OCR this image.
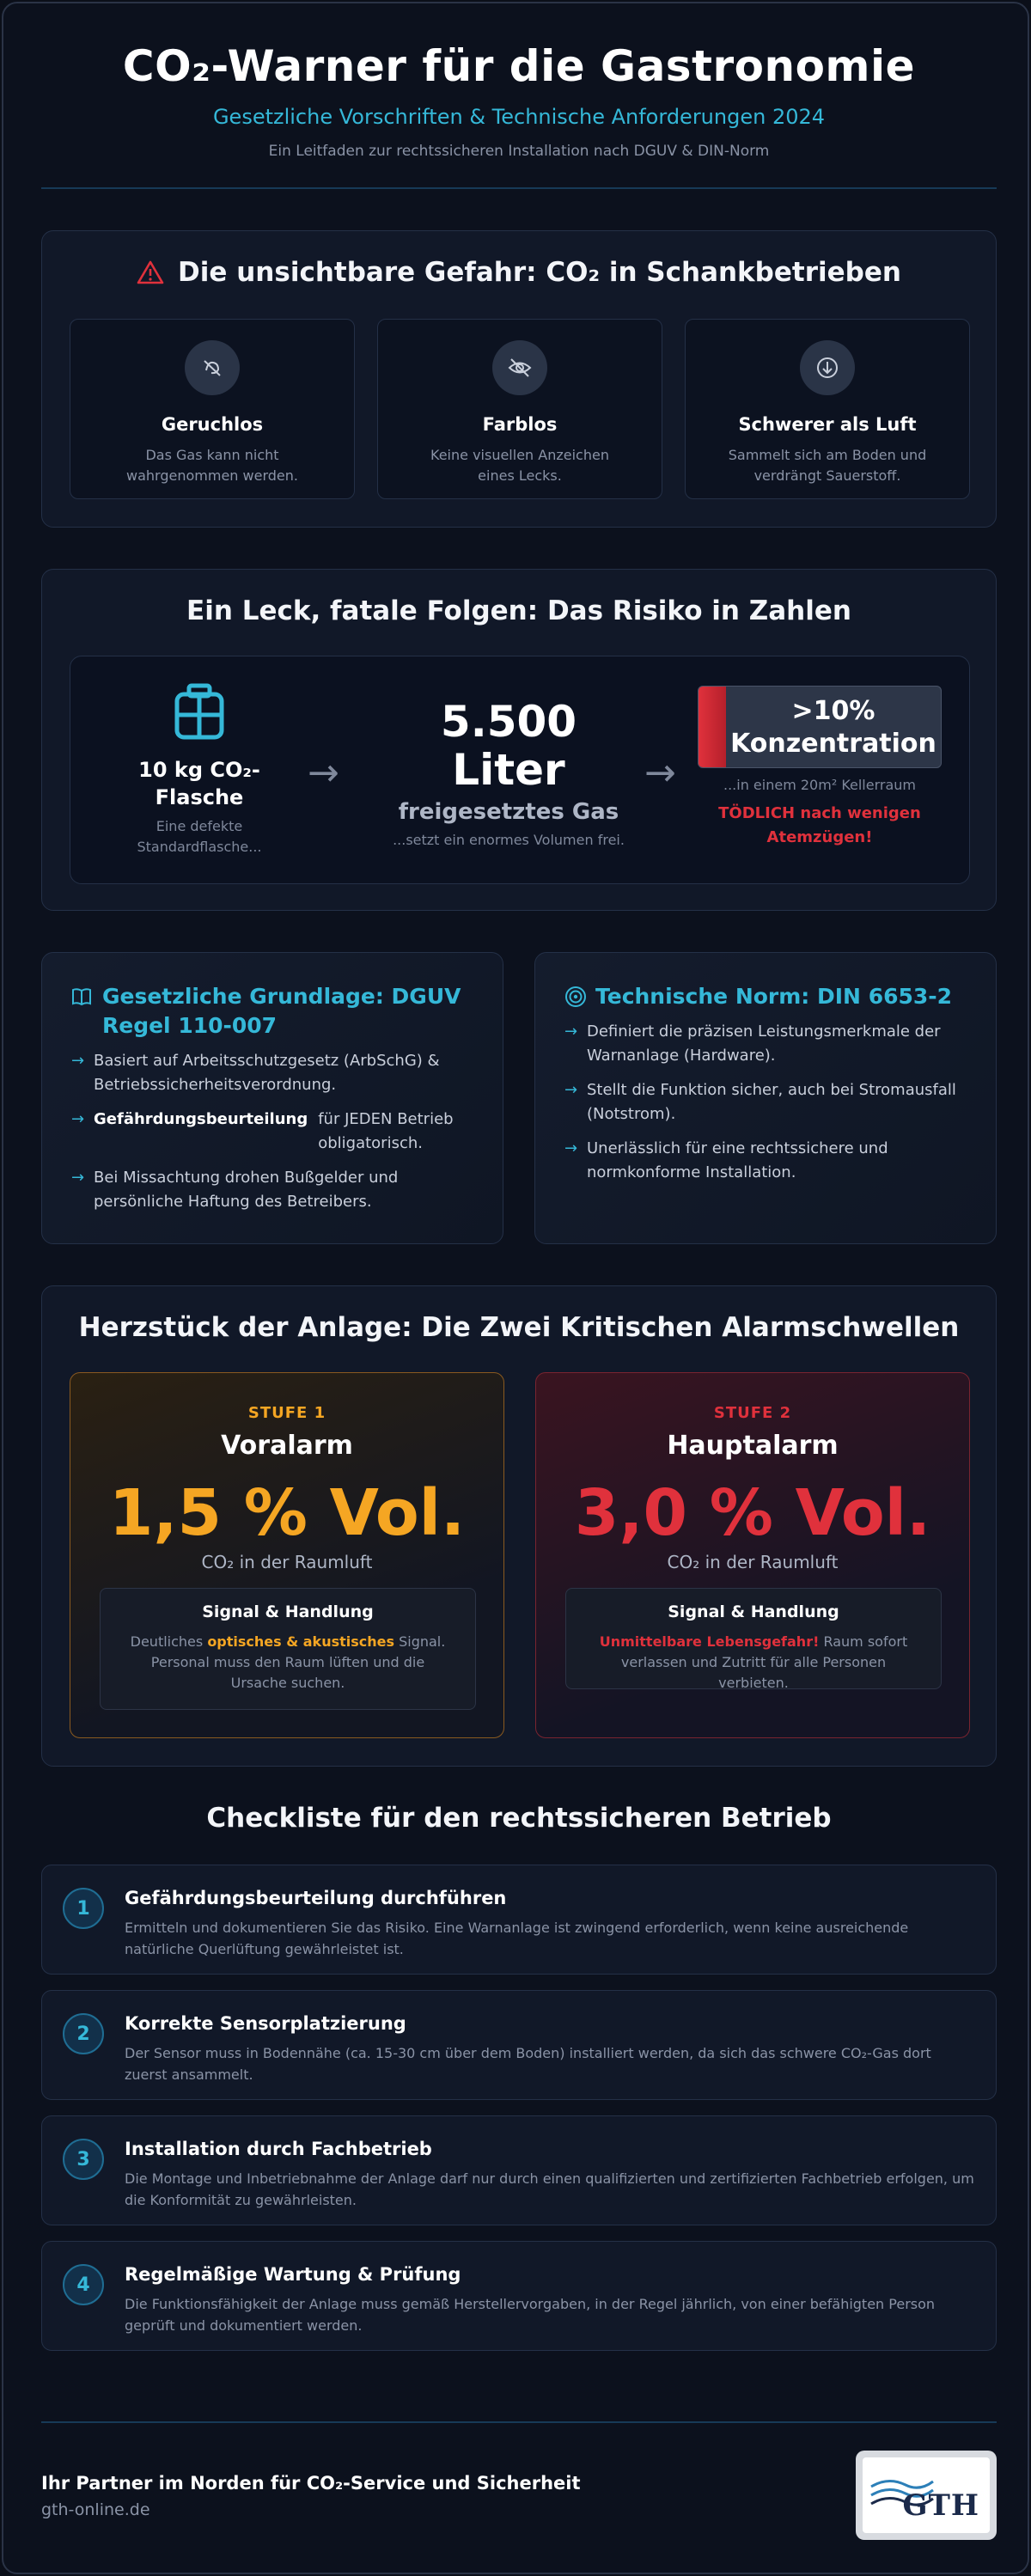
CO₂-Warner für die Gastronomie
Gesetzliche Vorschriften & Technische Anforderungen 2024
Ein Leitfaden zur rechtssicheren Installation nach DGUV & DIN-Norm
Die unsichtbare Gefahr: CO₂ in Schankbetrieben
Geruchlos
Das Gas kann nicht wahrgenommen werden.
Farblos
Keine visuellen Anzeichen eines Lecks.
Schwerer als Luft
Sammelt sich am Boden und verdrängt Sauerstoff.
Ein Leck, fatale Folgen: Das Risiko in Zahlen
10 kg CO₂-Flasche
Eine defekte Standardflasche...
→
5.500
Liter
freigesetztes Gas
...setzt ein enormes Volumen frei.
→
>10% Konzentration
...in einem 20m² Kellerraum
TÖDLICH nach wenigen Atemzügen!
Gesetzliche Grundlage: DGUV Regel 110-007
→ Basiert auf Arbeitsschutzgesetz (ArbSchG) & Betriebssicherheitsverordnung.
→ Gefährdungsbeurteilung für JEDEN Betrieb obligatorisch.
→ Bei Missachtung drohen Bußgelder und persönliche Haftung des Betreibers.
Technische Norm: DIN 6653-2
→ Definiert die präzisen Leistungsmerkmale der Warnanlage (Hardware).
→ Stellt die Funktion sicher, auch bei Stromausfall (Notstrom).
→ Unerlässlich für eine rechtssichere und normkonforme Installation.
Herzstück der Anlage: Die Zwei Kritischen Alarmschwellen
STUFE 1
Voralarm
1,5 % Vol.
CO₂ in der Raumluft
Signal & Handlung
Deutliches optisches & akustisches Signal. Personal muss den Raum lüften und die Ursache suchen.
STUFE 2
Hauptalarm
3,0 % Vol.
CO₂ in der Raumluft
Signal & Handlung
Unmittelbare Lebensgefahr! Raum sofort verlassen und Zutritt für alle Personen verbieten.
Checkliste für den rechtssicheren Betrieb
1	Gefährdungsbeurteilung durchführen
Ermitteln und dokumentieren Sie das Risiko. Eine Warnanlage ist zwingend erforderlich, wenn keine ausreichende natürliche Querlüftung gewährleistet ist.
2	Korrekte Sensorplatzierung
Der Sensor muss in Bodennähe (ca. 15-30 cm über dem Boden) installiert werden, da sich das schwere CO₂-Gas dort zuerst ansammelt.
3	Installation durch Fachbetrieb
Die Montage und Inbetriebnahme der Anlage darf nur durch einen qualifizierten und zertifizierten Fachbetrieb erfolgen, um die Konformität zu gewährleisten.
4	Regelmäßige Wartung & Prüfung
Die Funktionsfähigkeit der Anlage muss gemäß Herstellervorgaben, in der Regel jährlich, von einer befähigten Person geprüft und dokumentiert werden.
Ihr Partner im Norden für CO₂-Service und Sicherheit
gth-online.de	GTH
